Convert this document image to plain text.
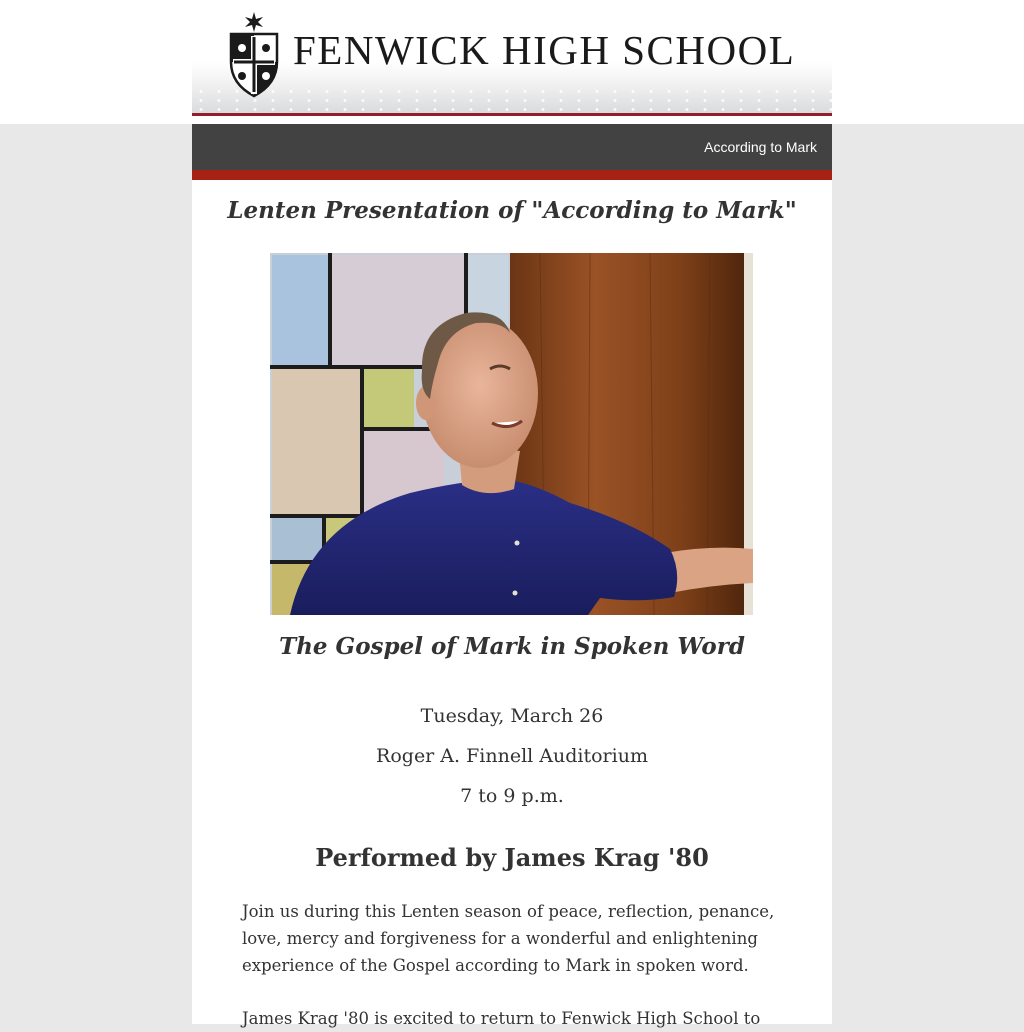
FENWICK HIGH SCHOOL
According to Mark
Lenten Presentation of "According to Mark"
The Gospel of Mark in Spoken Word

Tuesday, March 26

Roger A. Finnell Auditorium

7 to 9 p.m.

Performed by James Krag '80

Join us during this Lenten season of peace, reflection, penance, love, mercy and forgiveness for a wonderful and enlightening experience of the Gospel according to Mark in spoken word.

James Krag '80 is excited to return to Fenwick High School to
